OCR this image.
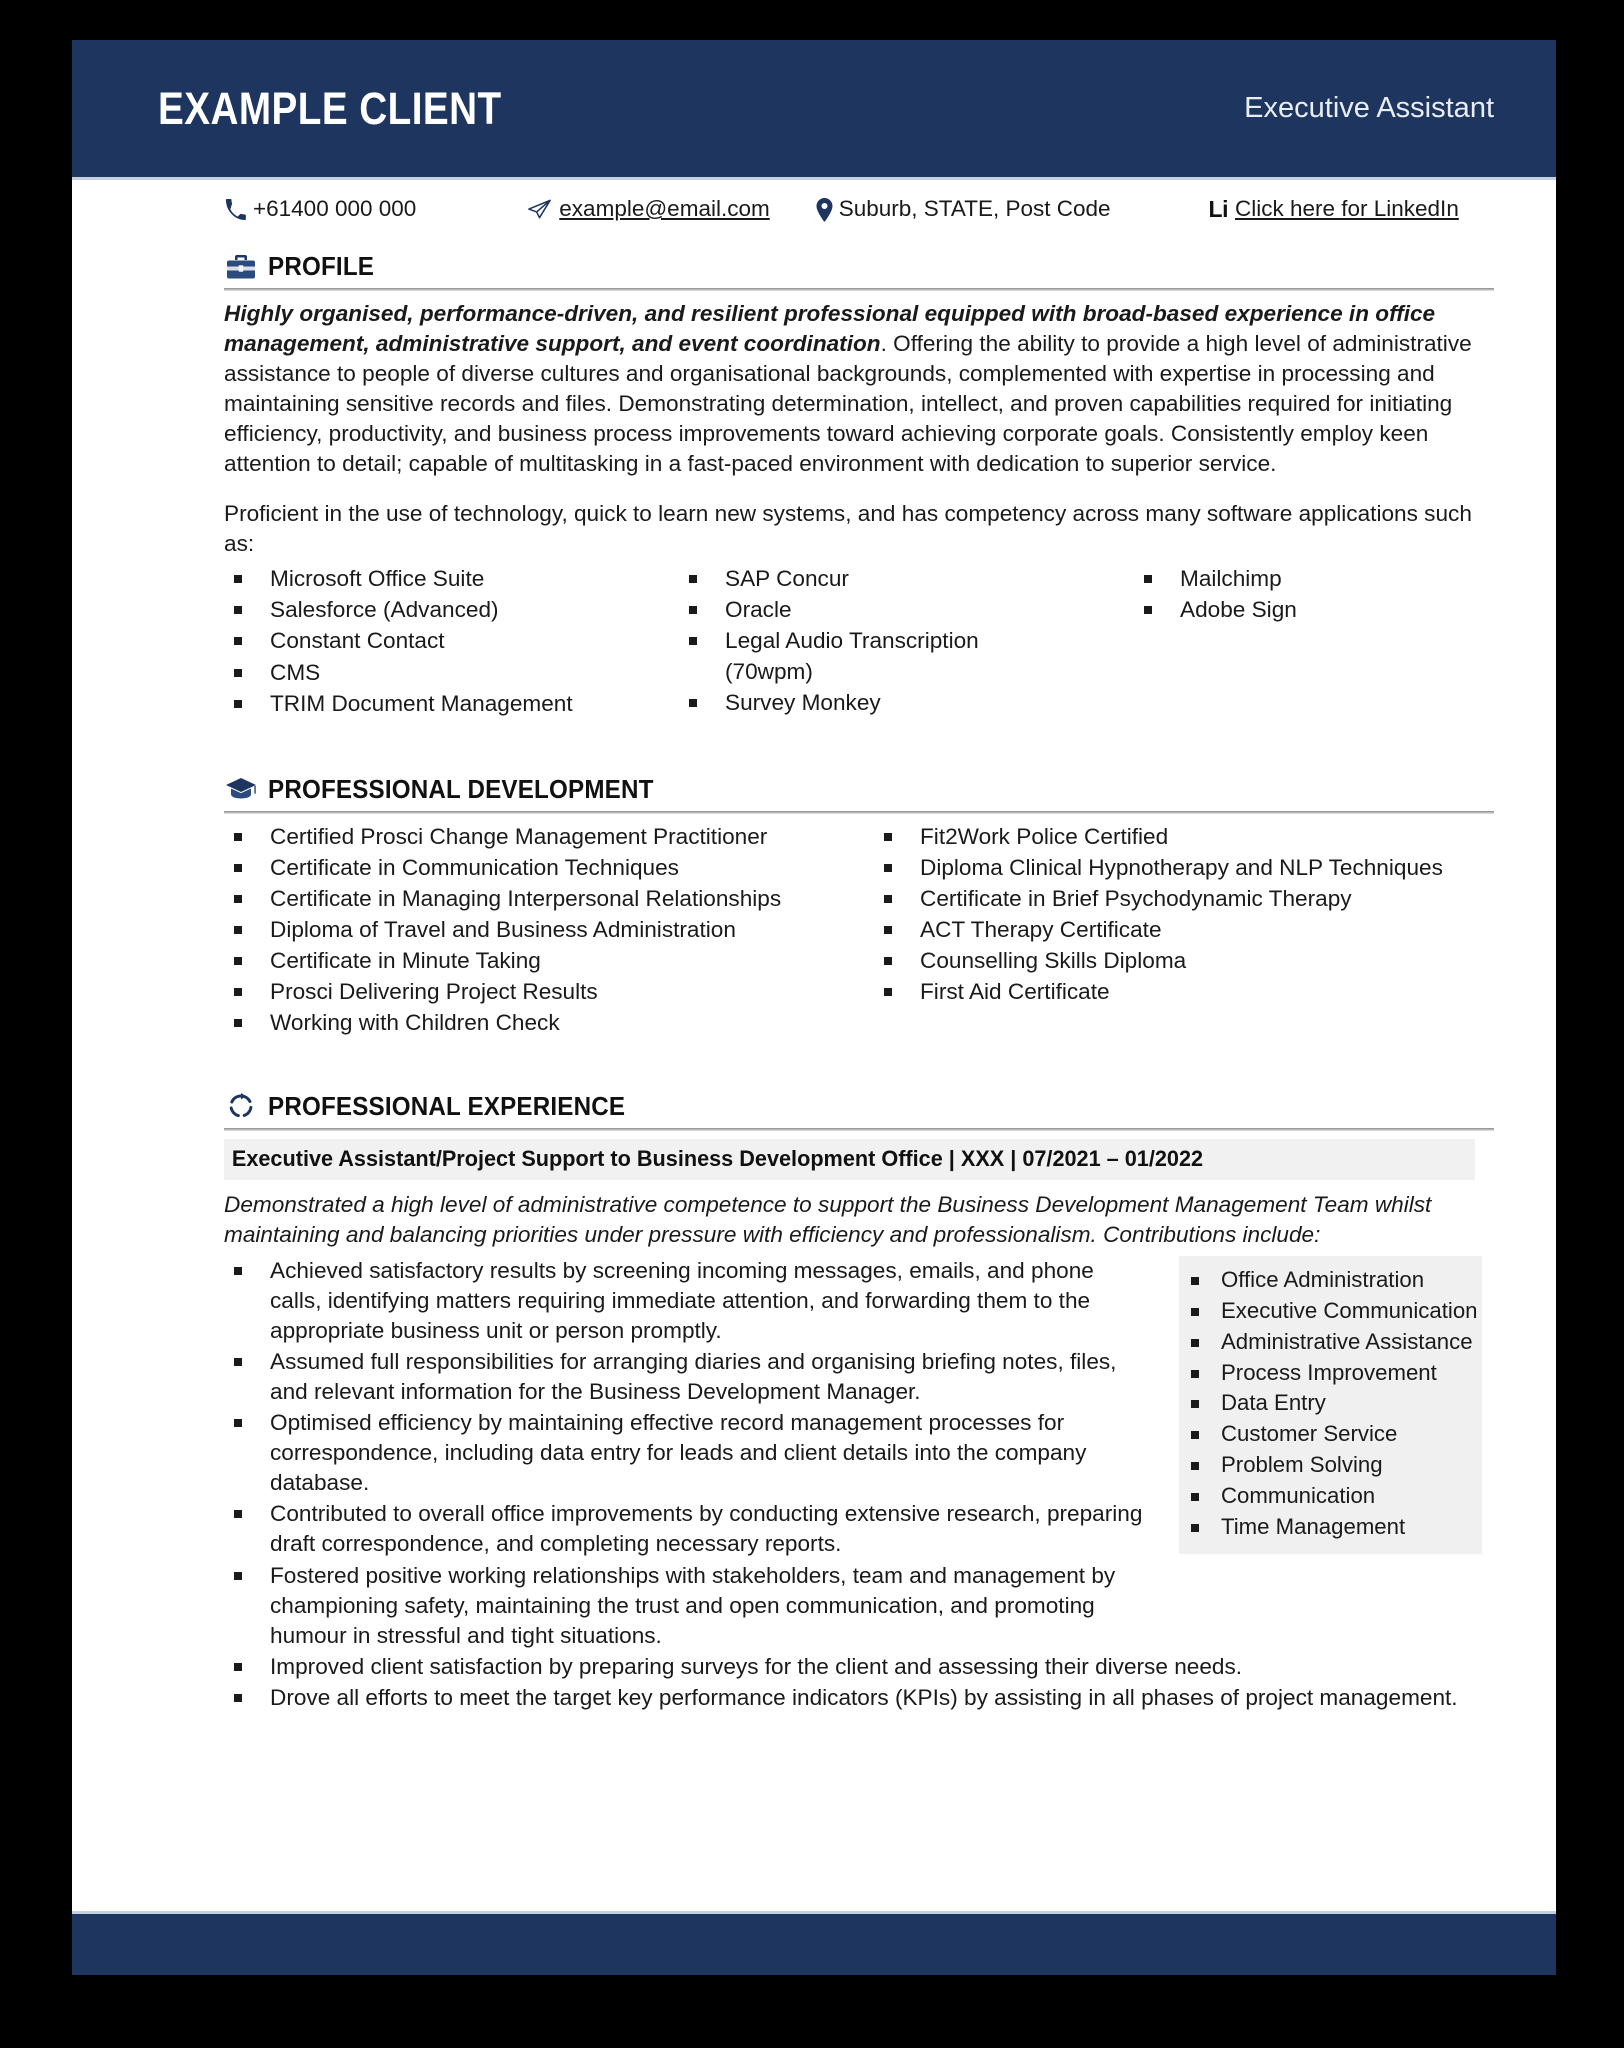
EXAMPLE CLIENT	Executive Assistant
+61400 000 000	example@email.com	Suburb, STATE, Post Code	Li Click here for LinkedIn
PROFILE

Highly organised, performance-driven, and resilient professional equipped with broad-based experience in office management, administrative support, and event coordination. Offering the ability to provide a high level of administrative assistance to people of diverse cultures and organisational backgrounds, complemented with expertise in processing and maintaining sensitive records and files. Demonstrating determination, intellect, and proven capabilities required for initiating efficiency, productivity, and business process improvements toward achieving corporate goals. Consistently employ keen attention to detail; capable of multitasking in a fast-paced environment with dedication to superior service.

Proficient in the use of technology, quick to learn new systems, and has competency across many software applications such as:

Microsoft Office Suite
Salesforce (Advanced)
Constant Contact
CMS
TRIM Document Management
SAP Concur
Oracle
Legal Audio Transcription (70wpm)
Survey Monkey
Mailchimp
Adobe Sign
PROFESSIONAL DEVELOPMENT
Certified Prosci Change Management Practitioner
Certificate in Communication Techniques
Certificate in Managing Interpersonal Relationships
Diploma of Travel and Business Administration
Certificate in Minute Taking
Prosci Delivering Project Results
Working with Children Check
Fit2Work Police Certified
Diploma Clinical Hypnotherapy and NLP Techniques
Certificate in Brief Psychodynamic Therapy
ACT Therapy Certificate
Counselling Skills Diploma
First Aid Certificate
PROFESSIONAL EXPERIENCE
Executive Assistant/Project Support to Business Development Office | XXX | 07/2021 – 01/2022

Demonstrated a high level of administrative competence to support the Business Development Management Team whilst maintaining and balancing priorities under pressure with efficiency and professionalism. Contributions include:

Achieved satisfactory results by screening incoming messages, emails, and phone calls, identifying matters requiring immediate attention, and forwarding them to the appropriate business unit or person promptly.
Assumed full responsibilities for arranging diaries and organising briefing notes, files, and relevant information for the Business Development Manager.
Optimised efficiency by maintaining effective record management processes for correspondence, including data entry for leads and client details into the company database.
Contributed to overall office improvements by conducting extensive research, preparing draft correspondence, and completing necessary reports.
Fostered positive working relationships with stakeholders, team and management by championing safety, maintaining the trust and open communication, and promoting humour in stressful and tight situations.
Office Administration
Executive Communication
Administrative Assistance
Process Improvement
Data Entry
Customer Service
Problem Solving
Communication
Time Management
Improved client satisfaction by preparing surveys for the client and assessing their diverse needs.
Drove all efforts to meet the target key performance indicators (KPIs) by assisting in all phases of project management.
